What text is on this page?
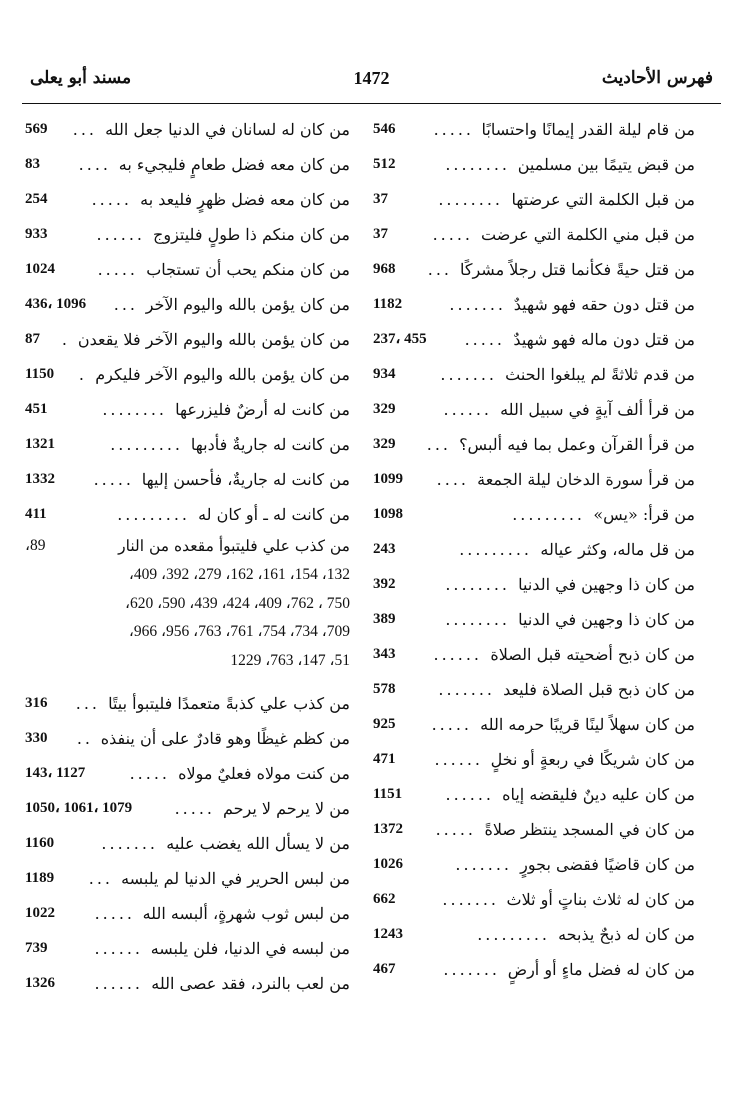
فهرس الأحاديث
1472
مسند أبو يعلى
من قام ليلة القدر إيمانًا واحتسابًا
.....
546
من قبض يتيمًا بين مسلمين
........
512
من قبل الكلمة التي عرضتها
........
37
من قبل مني الكلمة التي عرضت
.....
37
من قتل حيةً فكأنما قتل رجلاً مشركًا
...
968
من قتل دون حقه فهو شهيدٌ
.......
1182
من قتل دون ماله فهو شهيدٌ
.....
237، 455
من قدم ثلاثةً لم يبلغوا الحنث
.......
934
من قرأ ألف آيةٍ في سبيل الله
......
329
من قرأ القرآن وعمل بما فيه ألبس؟
...
329
من قرأ سورة الدخان ليلة الجمعة
....
1099
من قرأ: «يس»
.........
1098
من قل ماله، وكثر عياله
.........
243
من كان ذا وجهين في الدنيا
........
392
من كان ذا وجهين في الدنيا
........
389
من كان ذبح أضحيته قبل الصلاة
......
343
من كان ذبح قبل الصلاة فليعد
.......
578
من كان سهلاً لينًا قريبًا حرمه الله
.....
925
من كان شريكًا في ربعةٍ أو نخلٍ
......
471
من كان عليه دينٌ فليقضه إياه
......
1151
من كان في المسجد ينتظر صلاةً
.....
1372
من كان قاضيًا فقضى بجورٍ
.......
1026
من كان له ثلاث بناتٍ أو ثلاث
.......
662
من كان له ذبحٌ يذبحه
.........
1243
من كان له فضل ماءٍ أو أرضٍ
.......
467
من كان له لسانان في الدنيا جعل الله
...
569
من كان معه فضل طعامٍ فليجيء به
....
83
من كان معه فضل ظهرٍ فليعد به
.....
254
من كان منكم ذا طولٍ فليتزوج
......
933
من كان منكم يحب أن تستجاب
.....
1024
من كان يؤمن بالله واليوم الآخر
...
436، 1096
من كان يؤمن بالله واليوم الآخر فلا يقعدن
.
87
من كان يؤمن بالله واليوم الآخر فليكرم
.
1150
من كانت له أرضٌ فليزرعها
........
451
من كانت له جاريةٌ فأدبها
.........
1321
من كانت له جاريةٌ، فأحسن إليها
.....
1332
من كانت له ـ أو كان له
.........
411
من كذب علي فليتبوأ مقعده من النار
89،
132، 154، 161، 162، 279، 392، 409،
750 ، 762، 409، 424، 439، 590، 620،
709، 734، 754، 761، 763، 956، 966،
51، 147، 763، 1229
من كذب علي كذبةً متعمدًا فليتبوأ بيتًا
...
316
من كظم غيظًا وهو قادرٌ على أن ينفذه
..
330
من كنت مولاه فعليٌ مولاه
.....
143، 1127
من لا يرحم لا يرحم
.....
1050، 1061، 1079
من لا يسأل الله يغضب عليه
.......
1160
من لبس الحرير في الدنيا لم يلبسه
...
1189
من لبس ثوب شهرةٍ، ألبسه الله
.....
1022
من لبسه في الدنيا، فلن يلبسه
......
739
من لعب بالنرد، فقد عصى الله
......
1326
